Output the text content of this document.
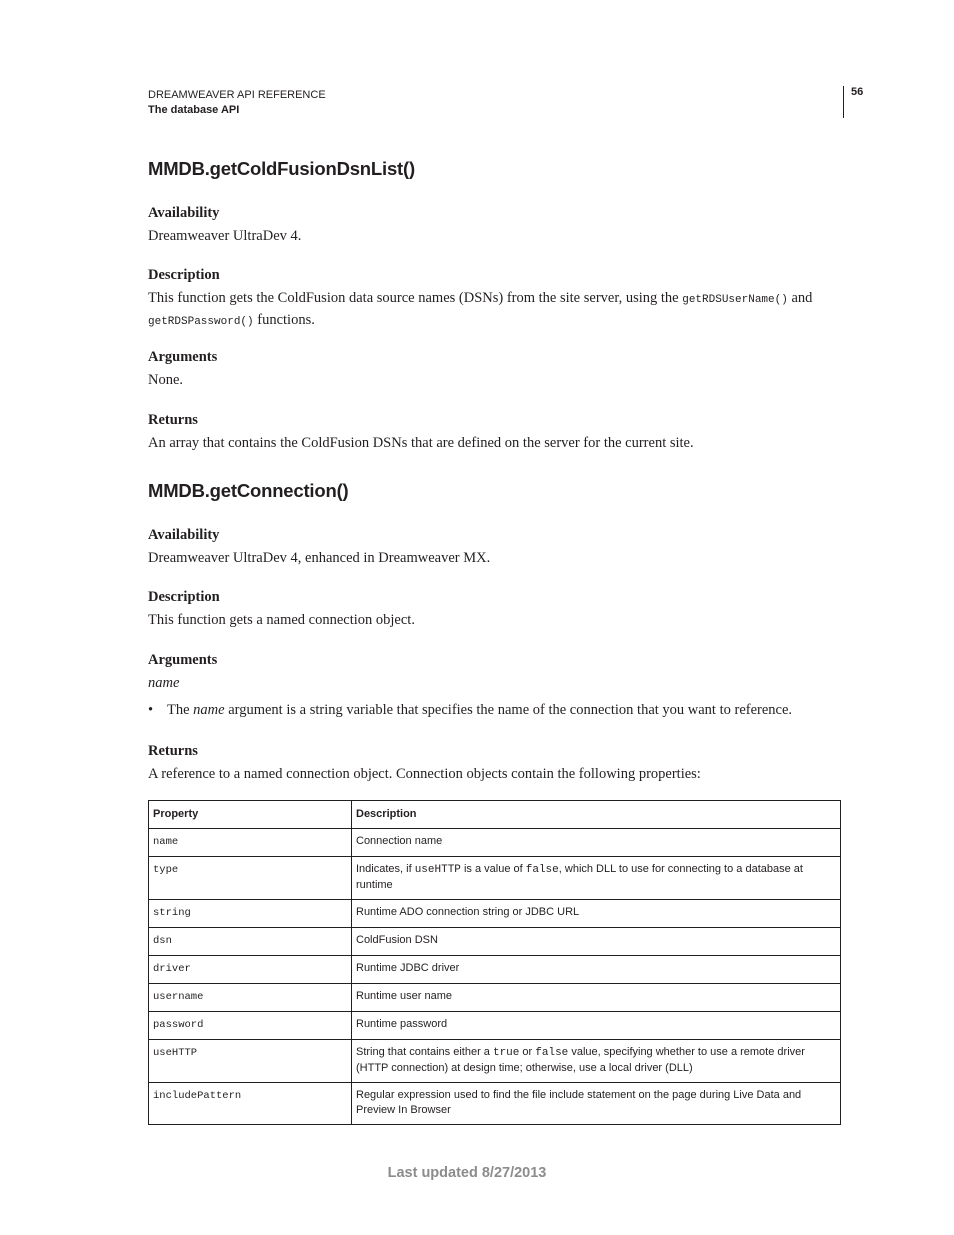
DREAMWEAVER API REFERENCE
The database API
56
MMDB.getColdFusionDsnList()
Availability
Dreamweaver UltraDev 4.
Description
This function gets the ColdFusion data source names (DSNs) from the site server, using the getRDSUserName() and
getRDSPassword() functions.
Arguments
None.
Returns
An array that contains the ColdFusion DSNs that are defined on the server for the current site.
MMDB.getConnection()
Availability
Dreamweaver UltraDev 4, enhanced in Dreamweaver MX.
Description
This function gets a named connection object.
Arguments
name
• The name argument is a string variable that specifies the name of the connection that you want to reference.
Returns
A reference to a named connection object. Connection objects contain the following properties:
Property	Description
name	Connection name
type	Indicates, if useHTTP is a value of false, which DLL to use for connecting to a database at runtime
string	Runtime ADO connection string or JDBC URL
dsn	ColdFusion DSN
driver	Runtime JDBC driver
username	Runtime user name
password	Runtime password
useHTTP	String that contains either a true or false value, specifying whether to use a remote driver (HTTP connection) at design time; otherwise, use a local driver (DLL)
includePattern	Regular expression used to find the file include statement on the page during Live Data and Preview In Browser
Last updated 8/27/2013
